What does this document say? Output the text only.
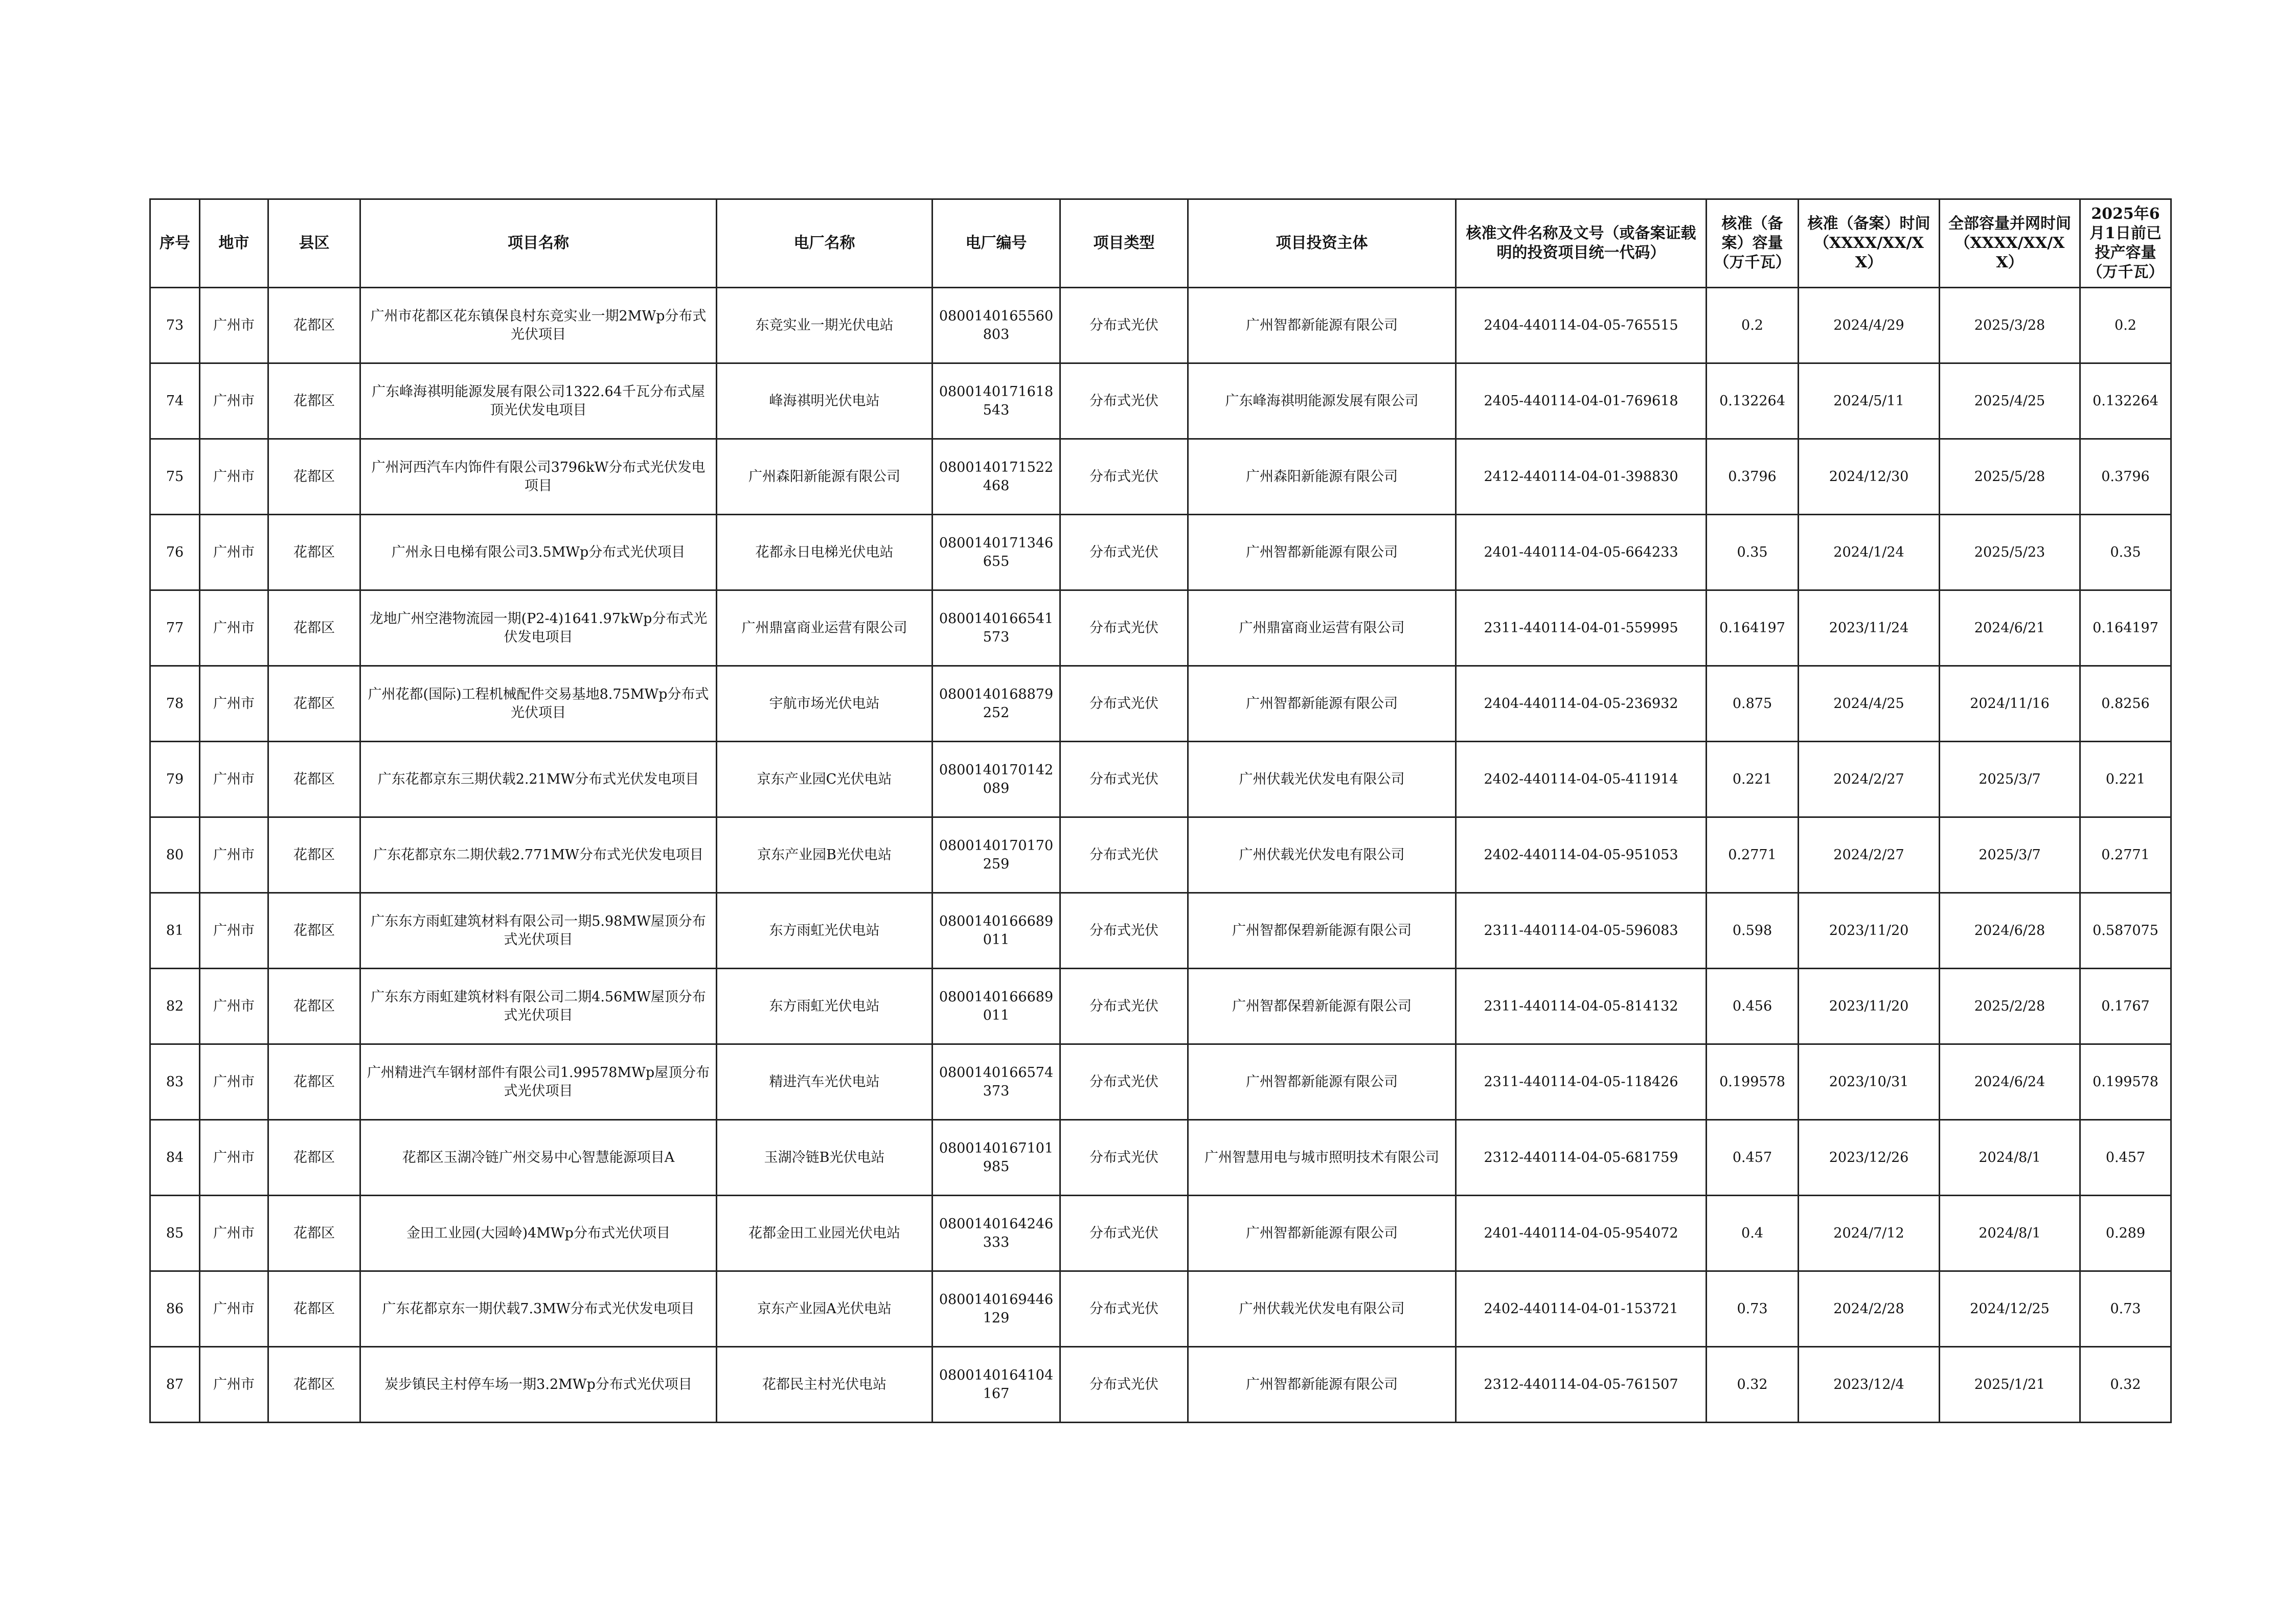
序号	地市	县区	项目名称	电厂名称	电厂编号	项目类型	项目投资主体	核准文件名称及文号（或备案证载明的投资项目统一代码）	核准（备案）容量（万千瓦）	核准（备案）时间（XXXX/XX/XX）	全部容量并网时间（XXXX/XX/XX）	2025年6月1日前已投产容量（万千瓦）
73	广州市	花都区	广州市花都区花东镇保良村东竞实业一期2MWp分布式光伏项目	东竞实业一期光伏电站	0800140165560803	分布式光伏	广州智都新能源有限公司	2404-440114-04-05-765515	0.2	2024/4/29	2025/3/28	0.2
74	广州市	花都区	广东峰海祺明能源发展有限公司1322.64千瓦分布式屋顶光伏发电项目	峰海祺明光伏电站	0800140171618543	分布式光伏	广东峰海祺明能源发展有限公司	2405-440114-04-01-769618	0.132264	2024/5/11	2025/4/25	0.132264
75	广州市	花都区	广州河西汽车内饰件有限公司3796kW分布式光伏发电项目	广州森阳新能源有限公司	0800140171522468	分布式光伏	广州森阳新能源有限公司	2412-440114-04-01-398830	0.3796	2024/12/30	2025/5/28	0.3796
76	广州市	花都区	广州永日电梯有限公司3.5MWp分布式光伏项目	花都永日电梯光伏电站	0800140171346655	分布式光伏	广州智都新能源有限公司	2401-440114-04-05-664233	0.35	2024/1/24	2025/5/23	0.35
77	广州市	花都区	龙地广州空港物流园一期(P2-4)1641.97kWp分布式光伏发电项目	广州鼎富商业运营有限公司	0800140166541573	分布式光伏	广州鼎富商业运营有限公司	2311-440114-04-01-559995	0.164197	2023/11/24	2024/6/21	0.164197
78	广州市	花都区	广州花都(国际)工程机械配件交易基地8.75MWp分布式光伏项目	宇航市场光伏电站	0800140168879252	分布式光伏	广州智都新能源有限公司	2404-440114-04-05-236932	0.875	2024/4/25	2024/11/16	0.8256
79	广州市	花都区	广东花都京东三期伏载2.21MW分布式光伏发电项目	京东产业园C光伏电站	0800140170142089	分布式光伏	广州伏载光伏发电有限公司	2402-440114-04-05-411914	0.221	2024/2/27	2025/3/7	0.221
80	广州市	花都区	广东花都京东二期伏载2.771MW分布式光伏发电项目	京东产业园B光伏电站	0800140170170259	分布式光伏	广州伏载光伏发电有限公司	2402-440114-04-05-951053	0.2771	2024/2/27	2025/3/7	0.2771
81	广州市	花都区	广东东方雨虹建筑材料有限公司一期5.98MW屋顶分布式光伏项目	东方雨虹光伏电站	0800140166689011	分布式光伏	广州智都保碧新能源有限公司	2311-440114-04-05-596083	0.598	2023/11/20	2024/6/28	0.587075
82	广州市	花都区	广东东方雨虹建筑材料有限公司二期4.56MW屋顶分布式光伏项目	东方雨虹光伏电站	0800140166689011	分布式光伏	广州智都保碧新能源有限公司	2311-440114-04-05-814132	0.456	2023/11/20	2025/2/28	0.1767
83	广州市	花都区	广州精进汽车钢材部件有限公司1.99578MWp屋顶分布式光伏项目	精进汽车光伏电站	0800140166574373	分布式光伏	广州智都新能源有限公司	2311-440114-04-05-118426	0.199578	2023/10/31	2024/6/24	0.199578
84	广州市	花都区	花都区玉湖冷链广州交易中心智慧能源项目A	玉湖冷链B光伏电站	0800140167101985	分布式光伏	广州智慧用电与城市照明技术有限公司	2312-440114-04-05-681759	0.457	2023/12/26	2024/8/1	0.457
85	广州市	花都区	金田工业园(大园岭)4MWp分布式光伏项目	花都金田工业园光伏电站	0800140164246333	分布式光伏	广州智都新能源有限公司	2401-440114-04-05-954072	0.4	2024/7/12	2024/8/1	0.289
86	广州市	花都区	广东花都京东一期伏载7.3MW分布式光伏发电项目	京东产业园A光伏电站	0800140169446129	分布式光伏	广州伏载光伏发电有限公司	2402-440114-04-01-153721	0.73	2024/2/28	2024/12/25	0.73
87	广州市	花都区	炭步镇民主村停车场一期3.2MWp分布式光伏项目	花都民主村光伏电站	0800140164104167	分布式光伏	广州智都新能源有限公司	2312-440114-04-05-761507	0.32	2023/12/4	2025/1/21	0.32
